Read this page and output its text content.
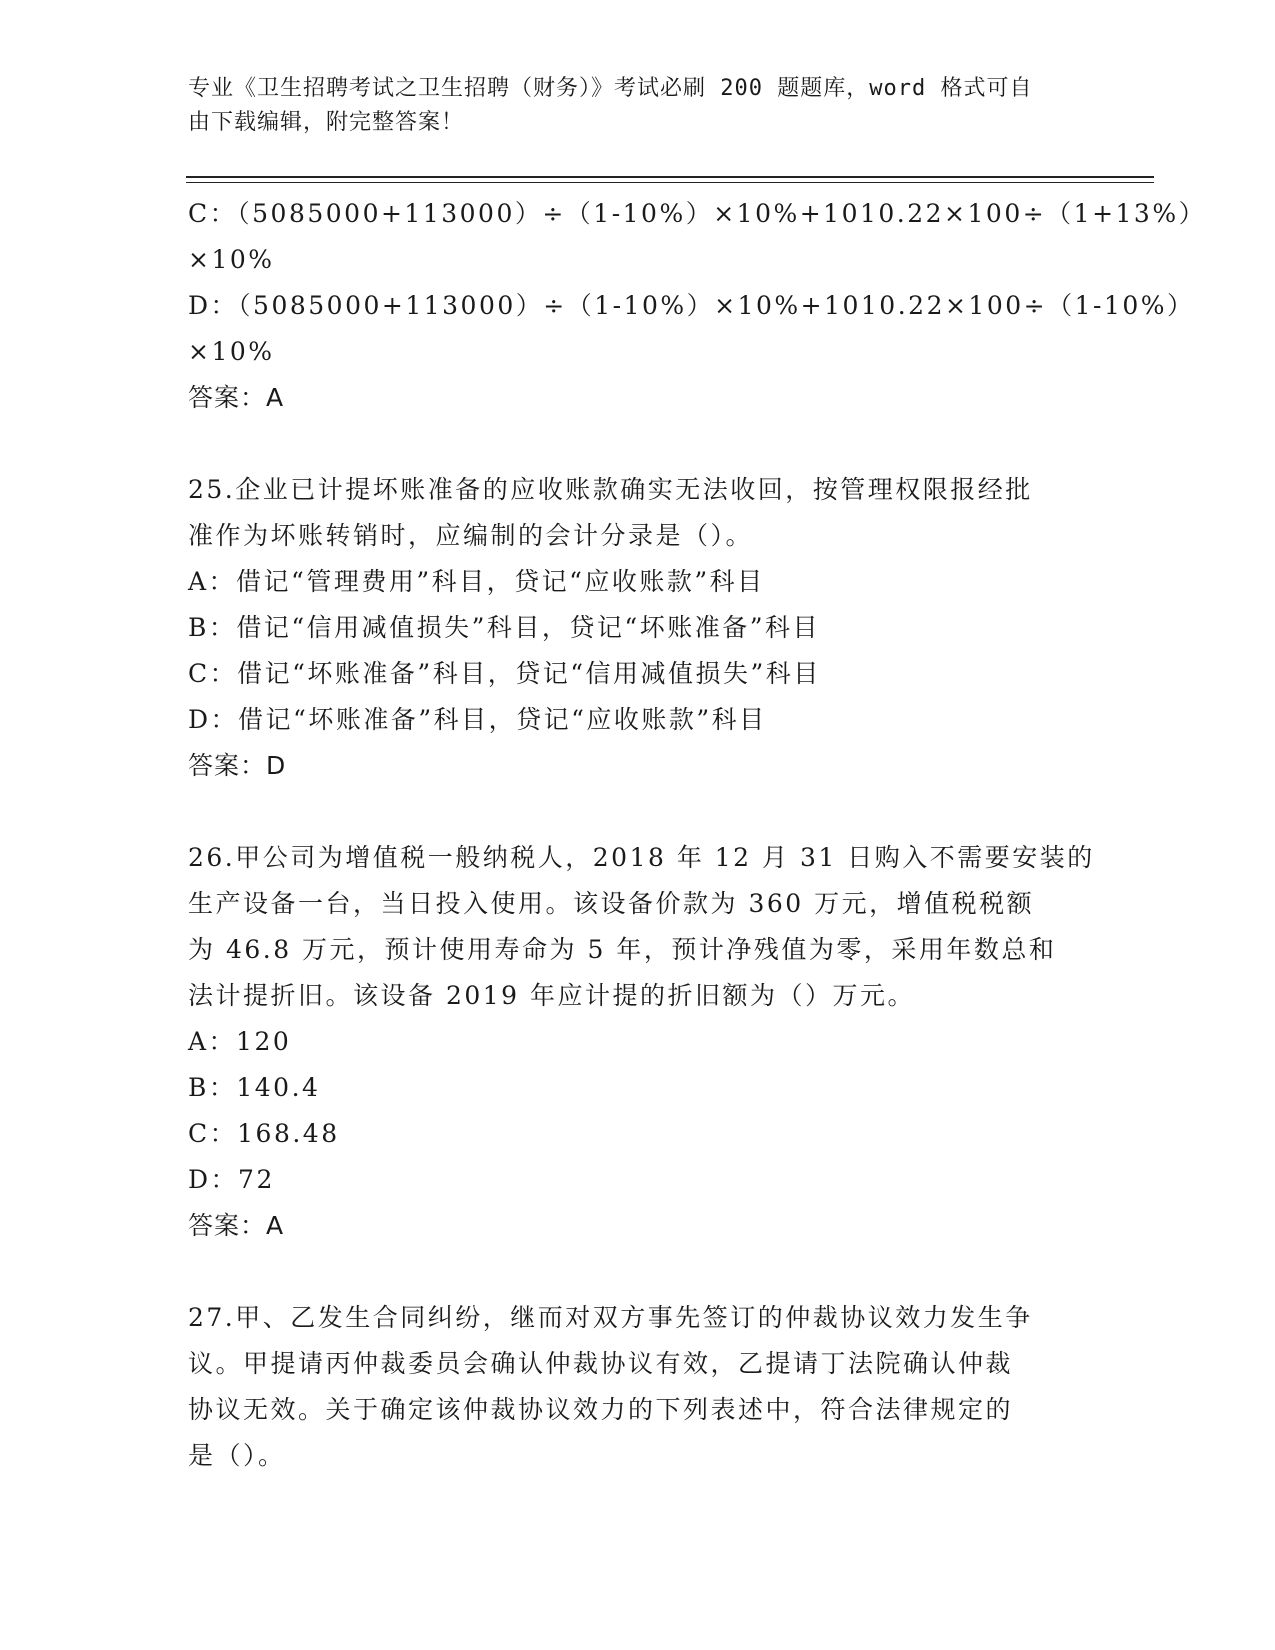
专业《卫生招聘考试之卫生招聘（财务）》考试必刷 200 题题库，word 格式可自
由下载编辑，附完整答案！
C：（5085000+113000）÷（1-10%）×10%+1010.22×100÷（1+13%）
×10%
D：（5085000+113000）÷（1-10%）×10%+1010.22×100÷（1-10%）
×10%
答案：A
25.企业已计提坏账准备的应收账款确实无法收回，按管理权限报经批
准作为坏账转销时，应编制的会计分录是（）。
A：借记“管理费用”科目，贷记“应收账款”科目
B：借记“信用减值损失”科目，贷记“坏账准备”科目
C：借记“坏账准备”科目，贷记“信用减值损失”科目
D：借记“坏账准备”科目，贷记“应收账款”科目
答案：D
26.甲公司为增值税一般纳税人，2018 年 12 月 31 日购入不需要安装的
生产设备一台，当日投入使用。该设备价款为 360 万元，增值税税额
为 46.8 万元，预计使用寿命为 5 年，预计净残值为零，采用年数总和
法计提折旧。该设备 2019 年应计提的折旧额为（）万元。
A：120
B：140.4
C：168.48
D：72
答案：A
27.甲、乙发生合同纠纷，继而对双方事先签订的仲裁协议效力发生争
议。甲提请丙仲裁委员会确认仲裁协议有效，乙提请丁法院确认仲裁
协议无效。关于确定该仲裁协议效力的下列表述中，符合法律规定的
是（）。
